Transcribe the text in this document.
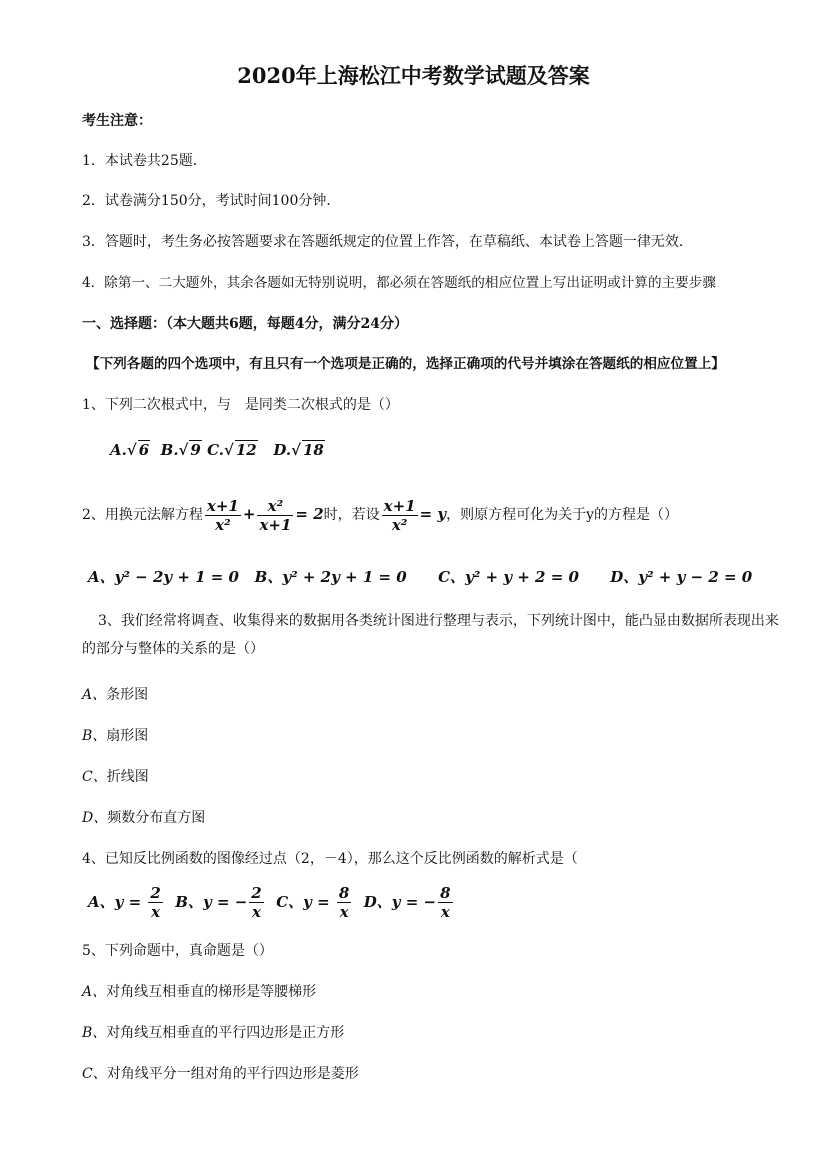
2020年上海松江中考数学试题及答案
考生注意：
1．本试卷共25题．
2．试卷满分150分，考试时间100分钟．
3．答题时，考生务必按答题要求在答题纸规定的位置上作答，在草稿纸、本试卷上答题一律无效．
4．除第一、二大题外，其余各题如无特别说明，都必须在答题纸的相应位置上写出证明或计算的主要步骤
一、选择题：（本大题共6题，每题4分，满分24分）
【下列各题的四个选项中，有且只有一个选项是正确的，选择正确项的代号并填涂在答题纸的相应位置上】
1、下列二次根式中，与　是同类二次根式的是（）
A.√ 6 B.√ 9 C.√ 12 D.√ 18
2、用换元法解方程 $\frac{x+1}{\text{x²}} + \frac{\text{x²}}{x+1} = 2$时，若设 $\frac{x+1}{\text{x²}} = y$，则原方程可化为关于y的方程是（）
A、y² − 2y + 1 = 0 B、y² + 2y + 1 = 0 C、y² + y + 2 = 0 D、y² + y − 2 = 0
3、我们经常将调查、收集得来的数据用各类统计图进行整理与表示，下列统计图中，能凸显由数据所表现出来的部分与整体的关系的是（）
A、条形图
B、扇形图
C、折线图
D、频数分布直方图
4、已知反比例函数的图像经过点（2，－4），那么这个反比例函数的解析式是（
A、$y = \frac{2}{x}$ B、y = − $\frac{2}{x}$ C、$y = \frac{8}{x}$ D、y = − $\frac{8}{x}$
5、下列命题中，真命题是（）
A、对角线互相垂直的梯形是等腰梯形
B、对角线互相垂直的平行四边形是正方形
C、对角线平分一组对角的平行四边形是菱形
